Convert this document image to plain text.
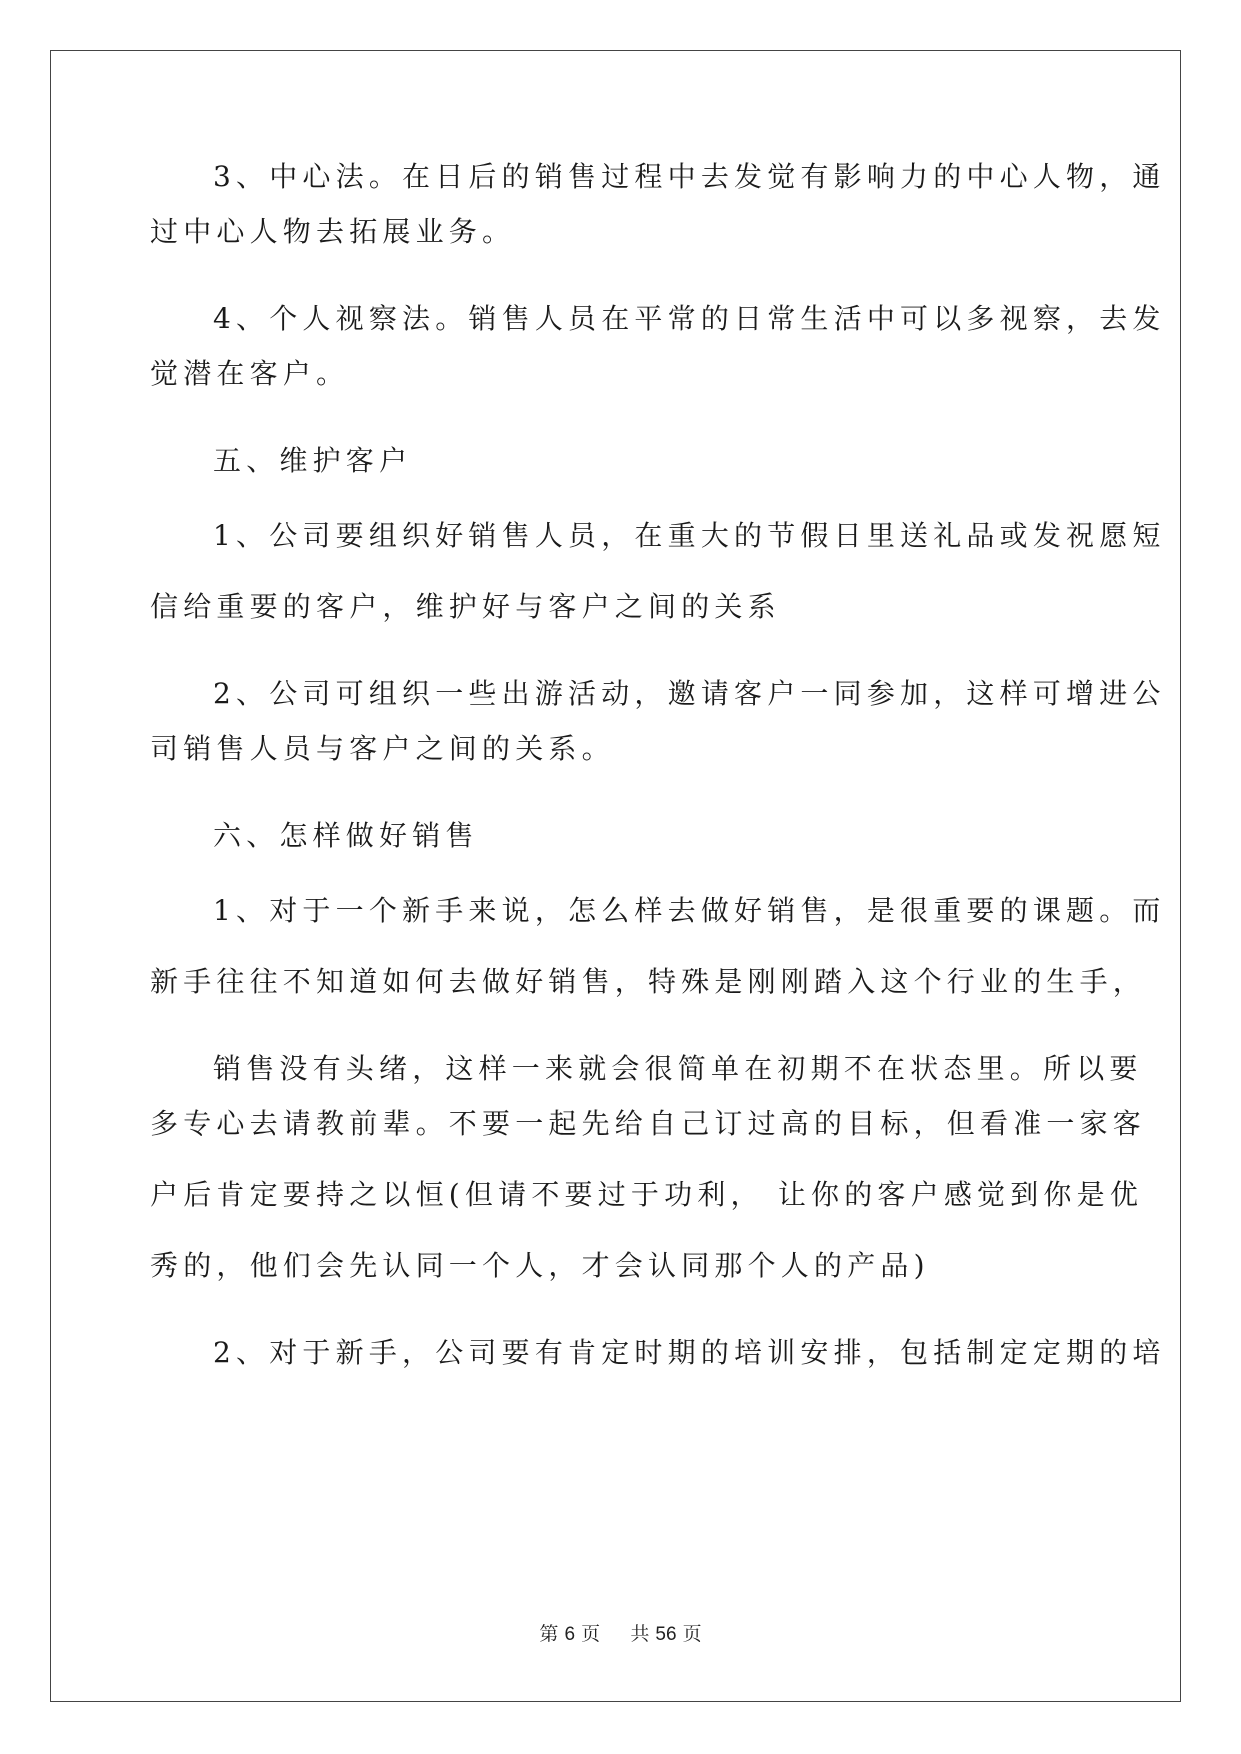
3、中心法。在日后的销售过程中去发觉有影响力的中心人物，通
过中心人物去拓展业务。
4、个人视察法。销售人员在平常的日常生活中可以多视察，去发
觉潜在客户。
五、维护客户
1、公司要组织好销售人员，在重大的节假日里送礼品或发祝愿短
信给重要的客户，维护好与客户之间的关系
2、公司可组织一些出游活动，邀请客户一同参加，这样可增进公
司销售人员与客户之间的关系。
六、怎样做好销售
1、对于一个新手来说，怎么样去做好销售，是很重要的课题。而
新手往往不知道如何去做好销售，特殊是刚刚踏入这个行业的生手，
销售没有头绪，这样一来就会很简单在初期不在状态里。所以要
多专心去请教前辈。不要一起先给自己订过高的目标，但看准一家客
户后肯定要持之以恒(但请不要过于功利， 让你的客户感觉到你是优
秀的，他们会先认同一个人，才会认同那个人的产品)
2、对于新手，公司要有肯定时期的培训安排，包括制定定期的培
第 6 页 共 56 页
